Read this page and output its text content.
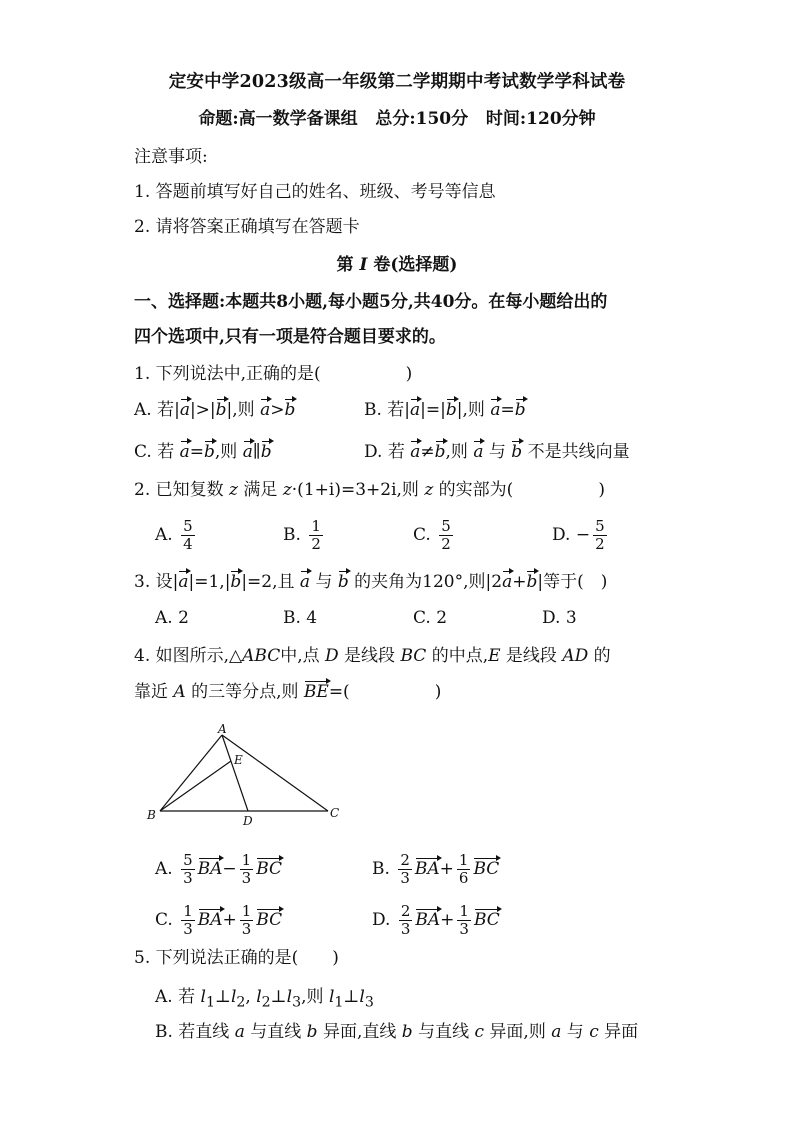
定安中学2023级高一年级第二学期期中考试数学学科试卷
命题:高一数学备课组   总分:150分   时间:120分钟
注意事项:
1. 答题前填写好自己的姓名、班级、考号等信息
2. 请将答案正确填写在答题卡
第 I 卷(选择题)
一、选择题:本题共8小题,每小题5分,共40分。在每小题给出的
四个选项中,只有一项是符合题目要求的。
1. 下列说法中,正确的是(　　　　　)
A. 若|a|>|b|,则 a>b	B. 若|a|=|b|,则 a=b
C. 若 a=b,则 a∥b	D. 若 a≠b,则 a 与 b 不是共线向量
2. 已知复数 z 满足 z·(1+i)=3+2i,则 z 的实部为(　　　　　)
A. $\frac{5}{4}$	B. $\frac{1}{2}$	C. $\frac{5}{2}$	D. − $\frac{5}{2}$
3. 设|a|=1,|b|=2,且 a 与 b 的夹角为120°,则|2a+b|等于(　)
A. 2	B. 4	C. 2	D. 3
4. 如图所示,△ABC中,点 D 是线段 BC 的中点,E 是线段 AD 的
靠近 A 的三等分点,则 BE=(　　　　　)
A
B	C
D
E
A. $\frac{5}{3} BA- \frac{1}{3}$ BC	B. $\frac{2}{3} BA+ \frac{1}{6}$ BC
C. $\frac{1}{3} BA+ \frac{1}{3}$ BC	D. $\frac{2}{3} BA+ \frac{1}{3}$ BC
5. 下列说法正确的是(　　)
A. 若 $l_1\perp l_2$, $l_2\perp l_3$,则 $l_1\perp l_3$
B. 若直线 a 与直线 b 异面,直线 b 与直线 c 异面,则 a 与 c 异面
